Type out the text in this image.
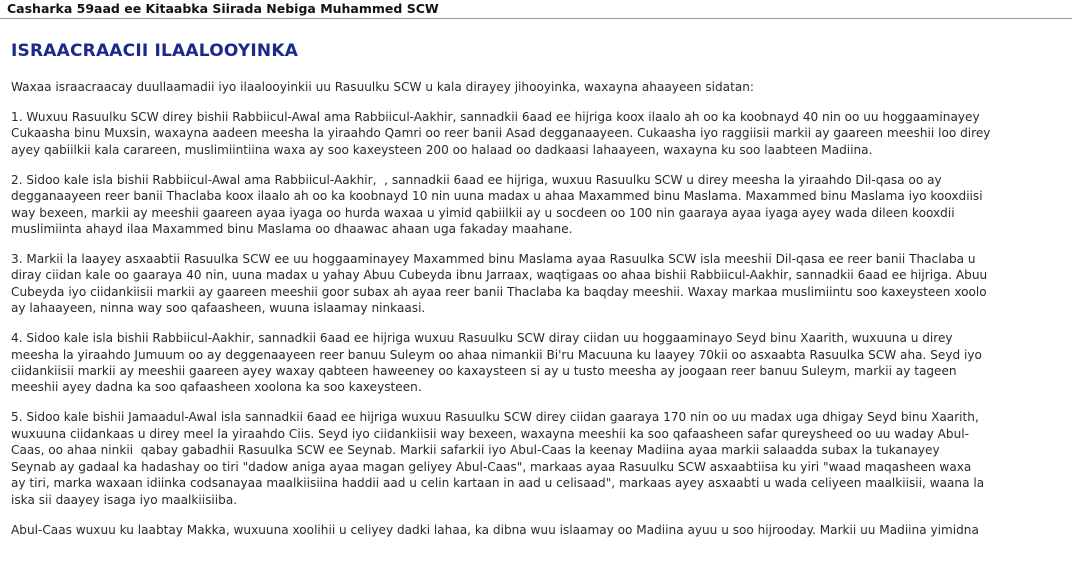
Casharka 59aad ee Kitaabka Siirada Nebiga Muhammed SCW
ISRAACRAACII ILAALOOYINKA

Waxaa israacraacay duullaamadii iyo ilaalooyinkii uu Rasuulku SCW u kala dirayey jihooyinka, waxayna ahaayeen sidatan:

1. Wuxuu Rasuulku SCW direy bishii Rabbiicul-Awal ama Rabbiicul-Aakhir, sannadkii 6aad ee hijriga koox ilaalo ah oo ka koobnayd 40 nin oo uu hoggaaminayey
Cukaasha binu Muxsin, waxayna aadeen meesha la yiraahdo Qamri oo reer banii Asad degganaayeen. Cukaasha iyo raggiisii markii ay gaareen meeshii loo direy
ayey qabiilkii kala carareen, muslimiintiina waxa ay soo kaxeysteen 200 oo halaad oo dadkaasi lahaayeen, waxayna ku soo laabteen Madiina.

2. Sidoo kale isla bishii Rabbiicul-Awal ama Rabbiicul-Aakhir,  , sannadkii 6aad ee hijriga, wuxuu Rasuulku SCW u direy meesha la yiraahdo Dil-qasa oo ay
degganaayeen reer banii Thaclaba koox ilaalo ah oo ka koobnayd 10 nin uuna madax u ahaa Maxammed binu Maslama. Maxammed binu Maslama iyo kooxdiisi
way bexeen, markii ay meeshii gaareen ayaa iyaga oo hurda waxaa u yimid qabiilkii ay u socdeen oo 100 nin gaaraya ayaa iyaga ayey wada dileen kooxdii
muslimiinta ahayd ilaa Maxammed binu Maslama oo dhaawac ahaan uga fakaday maahane.

3. Markii la laayey asxaabtii Rasuulka SCW ee uu hoggaaminayey Maxammed binu Maslama ayaa Rasuulka SCW isla meeshii Dil-qasa ee reer banii Thaclaba u
diray ciidan kale oo gaaraya 40 nin, uuna madax u yahay Abuu Cubeyda ibnu Jarraax, waqtigaas oo ahaa bishii Rabbiicul-Aakhir, sannadkii 6aad ee hijriga. Abuu
Cubeyda iyo ciidankiisii markii ay gaareen meeshii goor subax ah ayaa reer banii Thaclaba ka baqday meeshii. Waxay markaa muslimiintu soo kaxeysteen xoolo
ay lahaayeen, ninna way soo qafaasheen, wuuna islaamay ninkaasi.

4. Sidoo kale isla bishii Rabbiicul-Aakhir, sannadkii 6aad ee hijriga wuxuu Rasuulku SCW diray ciidan uu hoggaaminayo Seyd binu Xaarith, wuxuuna u direy
meesha la yiraahdo Jumuum oo ay deggenaayeen reer banuu Suleym oo ahaa nimankii Bi'ru Macuuna ku laayey 70kii oo asxaabta Rasuulka SCW aha. Seyd iyo
ciidankiisii markii ay meeshii gaareen ayey waxay qabteen haweeney oo kaxaysteen si ay u tusto meesha ay joogaan reer banuu Suleym, markii ay tageen
meeshii ayey dadna ka soo qafaasheen xoolona ka soo kaxeysteen.

5. Sidoo kale bishii Jamaadul-Awal isla sannadkii 6aad ee hijriga wuxuu Rasuulku SCW direy ciidan gaaraya 170 nin oo uu madax uga dhigay Seyd binu Xaarith,
wuxuuna ciidankaas u direy meel la yiraahdo Ciis. Seyd iyo ciidankiisii way bexeen, waxayna meeshii ka soo qafaasheen safar qureysheed oo uu waday Abul-
Caas, oo ahaa ninkii  qabay gabadhii Rasuulka SCW ee Seynab. Markii safarkii iyo Abul-Caas la keenay Madiina ayaa markii salaadda subax la tukanayey
Seynab ay gadaal ka hadashay oo tiri "dadow aniga ayaa magan geliyey Abul-Caas", markaas ayaa Rasuulku SCW asxaabtiisa ku yiri "waad maqasheen waxa
ay tiri, marka waxaan idiinka codsanayaa maalkiisiina haddii aad u celin kartaan in aad u celisaad", markaas ayey asxaabti u wada celiyeen maalkiisii, waana la
iska sii daayey isaga iyo maalkiisiiba.

Abul-Caas wuxuu ku laabtay Makka, wuxuuna xoolihii u celiyey dadki lahaa, ka dibna wuu islaamay oo Madiina ayuu u soo hijrooday. Markii uu Madiina yimidna
